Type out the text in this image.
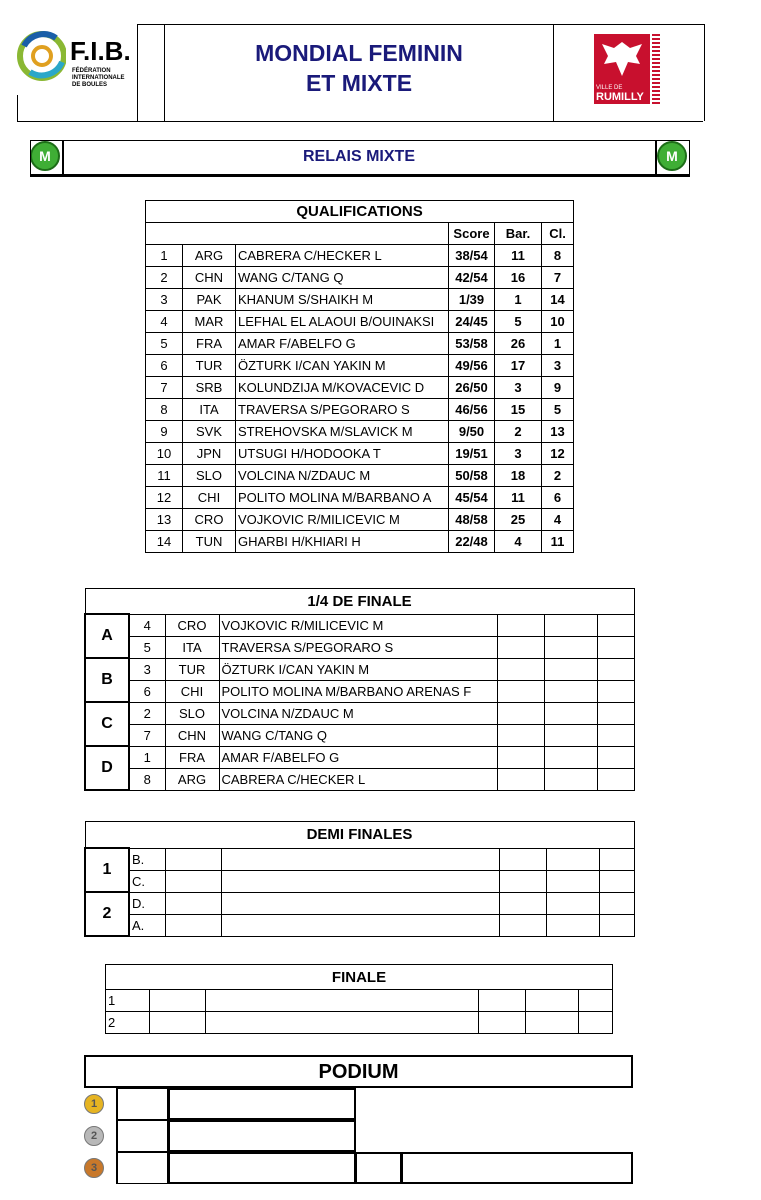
F.I.B.
FÉDÉRATION
INTERNATIONALE
DE BOULES
MONDIAL FEMININ
ET MIXTE	VILLE DE
RUMILLY
M	RELAIS MIXTE	M
QUALIFICATIONS					
			Score	Bar.	Cl.
1	ARG	CABRERA C/HECKER L	38/54	11	8
2	CHN	WANG C/TANG Q	42/54	16	7
3	PAK	KHANUM S/SHAIKH M	1/39	1	14
4	MAR	LEFHAL EL ALAOUI B/OUINAKSI	24/45	5	10
5	FRA	AMAR F/ABELFO G	53/58	26	1
6	TUR	ÖZTURK I/CAN YAKIN M	49/56	17	3
7	SRB	KOLUNDZIJA M/KOVACEVIC D	26/50	3	9
8	ITA	TRAVERSA S/PEGORARO S	46/56	15	5
9	SVK	STREHOVSKA M/SLAVICK M	9/50	2	13
10	JPN	UTSUGI H/HODOOKA T	19/51	3	12
11	SLO	VOLCINA N/ZDAUC M	50/58	18	2
12	CHI	POLITO MOLINA M/BARBANO A	45/54	11	6
13	CRO	VOJKOVIC R/MILICEVIC M	48/58	25	4
14	TUN	GHARBI H/KHIARI H	22/48	4	11
1/4 DE FINALE						
A	4	CRO	VOJKOVIC R/MILICEVIC M			
	5	ITA	TRAVERSA S/PEGORARO S			
B	3	TUR	ÖZTURK I/CAN YAKIN M			
	6	CHI	POLITO MOLINA M/BARBANO ARENAS F			
C	2	SLO	VOLCINA N/ZDAUC M			
	7	CHN	WANG C/TANG Q			
D	1	FRA	AMAR F/ABELFO G			
	8	ARG	CABRERA C/HECKER L			
DEMI FINALES						
1	B.					
	C.					
2	D.					
	A.					
FINALE					
1					
2					
PODIUM
1
2
3
